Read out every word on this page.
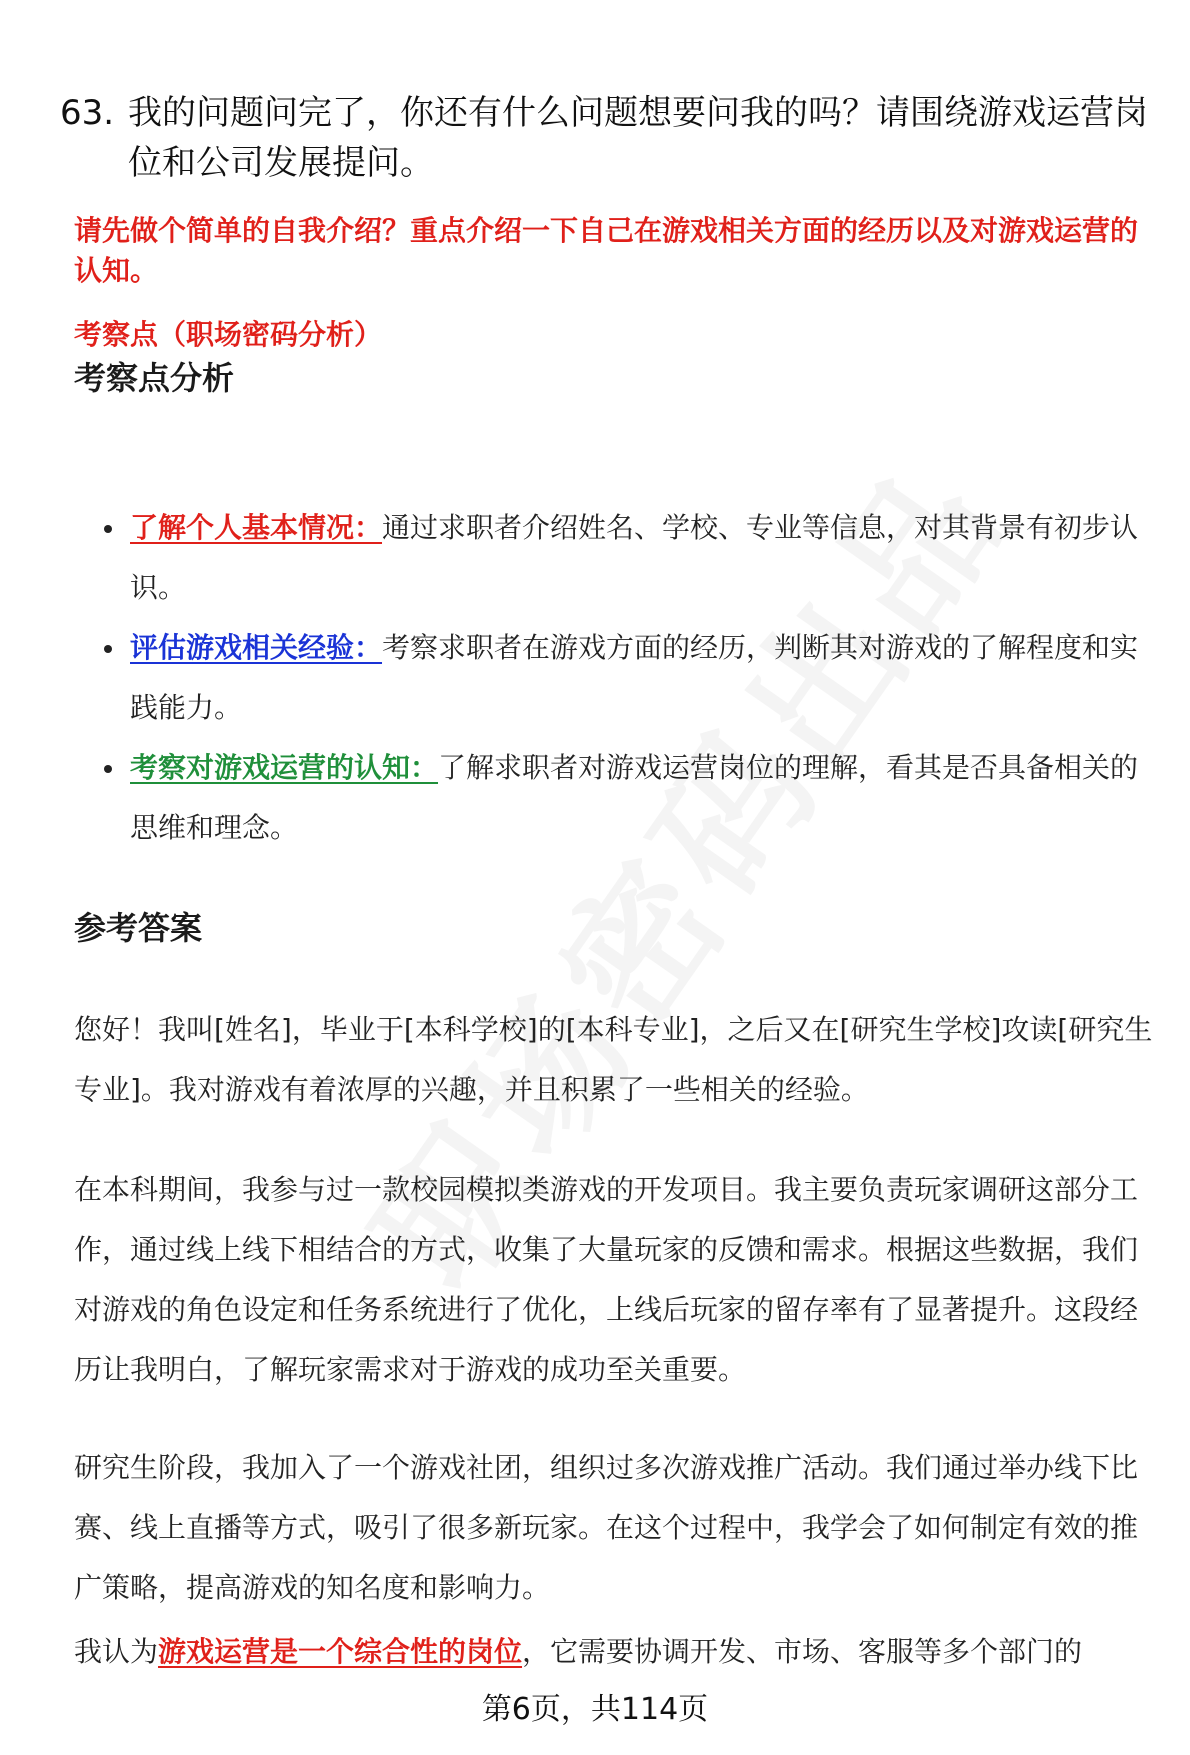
63. 我的问题问完了，你还有什么问题想要问我的吗？请围绕游戏运营岗位和公司发展提问。
请先做个简单的自我介绍？重点介绍一下自己在游戏相关方面的经历以及对游戏运营的认知。
考察点（职场密码分析）
考察点分析
了解个人基本情况：通过求职者介绍姓名、学校、专业等信息，对其背景有初步认识。
评估游戏相关经验：考察求职者在游戏方面的经历，判断其对游戏的了解程度和实践能力。
考察对游戏运营的认知：了解求职者对游戏运营岗位的理解，看其是否具备相关的思维和理念。
参考答案

您好！我叫[姓名]，毕业于[本科学校]的[本科专业]，之后又在[研究生学校]攻读[研究生专业]。我对游戏有着浓厚的兴趣，并且积累了一些相关的经验。

在本科期间，我参与过一款校园模拟类游戏的开发项目。我主要负责玩家调研这部分工作，通过线上线下相结合的方式，收集了大量玩家的反馈和需求。根据这些数据，我们对游戏的角色设定和任务系统进行了优化，上线后玩家的留存率有了显著提升。这段经历让我明白，了解玩家需求对于游戏的成功至关重要。

研究生阶段，我加入了一个游戏社团，组织过多次游戏推广活动。我们通过举办线下比赛、线上直播等方式，吸引了很多新玩家。在这个过程中，我学会了如何制定有效的推广策略，提高游戏的知名度和影响力。

我认为游戏运营是一个综合性的岗位，它需要协调开发、市场、客服等多个部门的

第6页，共114页
